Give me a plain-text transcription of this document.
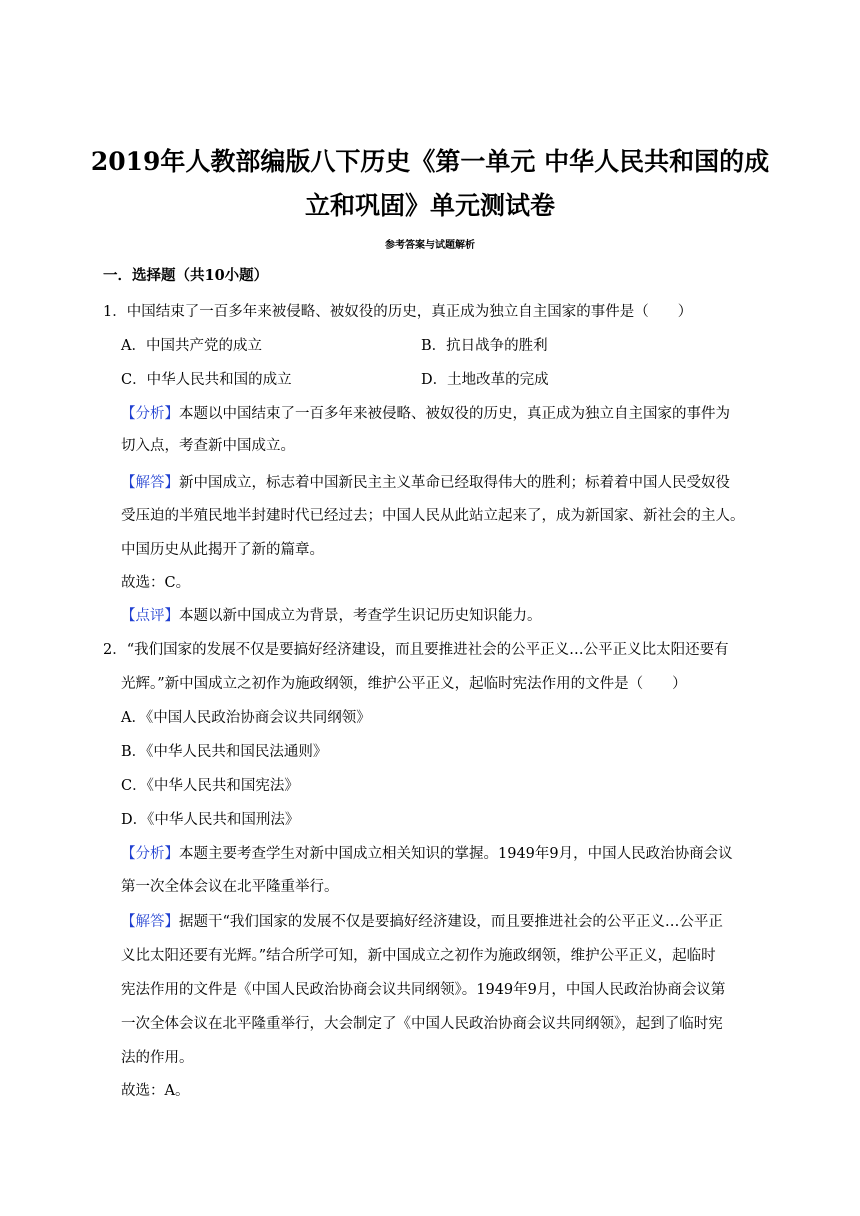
2019年人教部编版八下历史《第一单元 中华人民共和国的成
立和巩固》单元测试卷

参考答案与试题解析

一．选择题（共10小题）

1．中国结束了一百多年来被侵略、被奴役的历史，真正成为独立自主国家的事件是（　　）

A．中国共产党的成立	B．抗日战争的胜利

C．中华人民共和国的成立	D．土地改革的完成

【分析】本题以中国结束了一百多年来被侵略、被奴役的历史，真正成为独立自主国家的事件为

切入点，考查新中国成立。

【解答】新中国成立，标志着中国新民主主义革命已经取得伟大的胜利；标着着中国人民受奴役

受压迫的半殖民地半封建时代已经过去；中国人民从此站立起来了，成为新国家、新社会的主人。

中国历史从此揭开了新的篇章。

故选：C。

【点评】本题以新中国成立为背景，考查学生识记历史知识能力。

2．“我们国家的发展不仅是要搞好经济建设，而且要推进社会的公平正义…公平正义比太阳还要有

光辉。”新中国成立之初作为施政纲领，维护公平正义，起临时宪法作用的文件是（　　）

A．《中国人民政治协商会议共同纲领》

B．《中华人民共和国民法通则》

C．《中华人民共和国宪法》

D．《中华人民共和国刑法》

【分析】本题主要考查学生对新中国成立相关知识的掌握。1949年9月，中国人民政治协商会议

第一次全体会议在北平隆重举行。

【解答】据题干“我们国家的发展不仅是要搞好经济建设，而且要推进社会的公平正义…公平正

义比太阳还要有光辉。”结合所学可知，新中国成立之初作为施政纲领，维护公平正义，起临时

宪法作用的文件是《中国人民政治协商会议共同纲领》。1949年9月，中国人民政治协商会议第

一次全体会议在北平隆重举行，大会制定了《中国人民政治协商会议共同纲领》，起到了临时宪

法的作用。

故选：A。
